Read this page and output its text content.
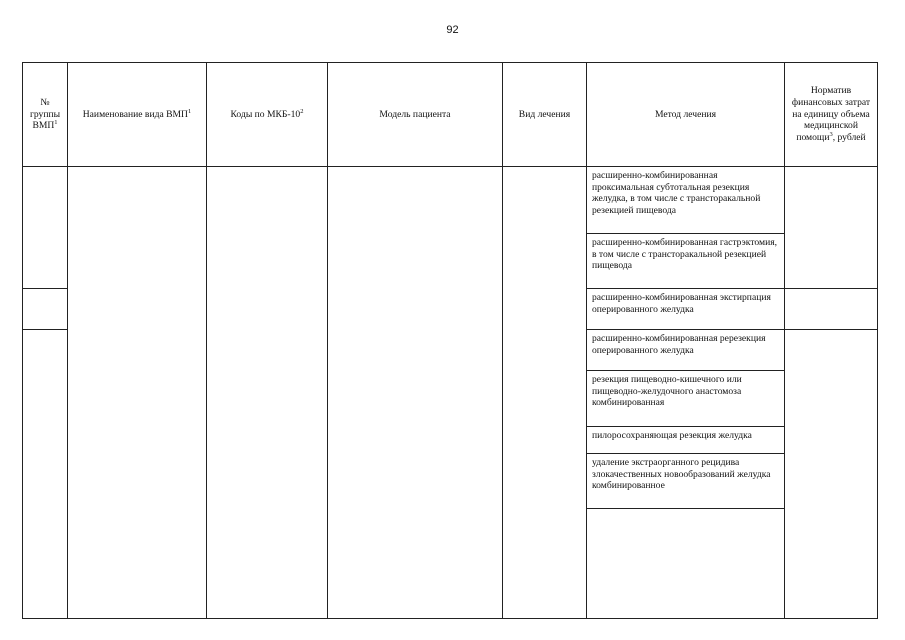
92
№ группы ВМП$^1$	Наименование вида ВМП$^1$	Коды по МКБ-$10^2$	Модель пациента	Вид лечения	Метод лечения	Норматив финансовых затрат на единицу объема медицинской помощи$^3$, рублей	
					расширенно-комбинированная проксимальная субтотальная резекция желудка, в том числе с трансторакальной резекцией пищевода		
					расширенно-комбинированная гастрэктомия, в том числе с трансторакальной резекцией пищевода		
					расширенно-комбинированная экстирпация оперированного желудка		
					расширенно-комбинированная ререзекция оперированного желудка		
					резекция пищеводно-кишечного или пищеводно-желудочного анастомоза комбинированная		
					пилоросохраняющая резекция желудка		
					удаление экстраорганного рецидива злокачественных новообразований желудка комбинированное		
